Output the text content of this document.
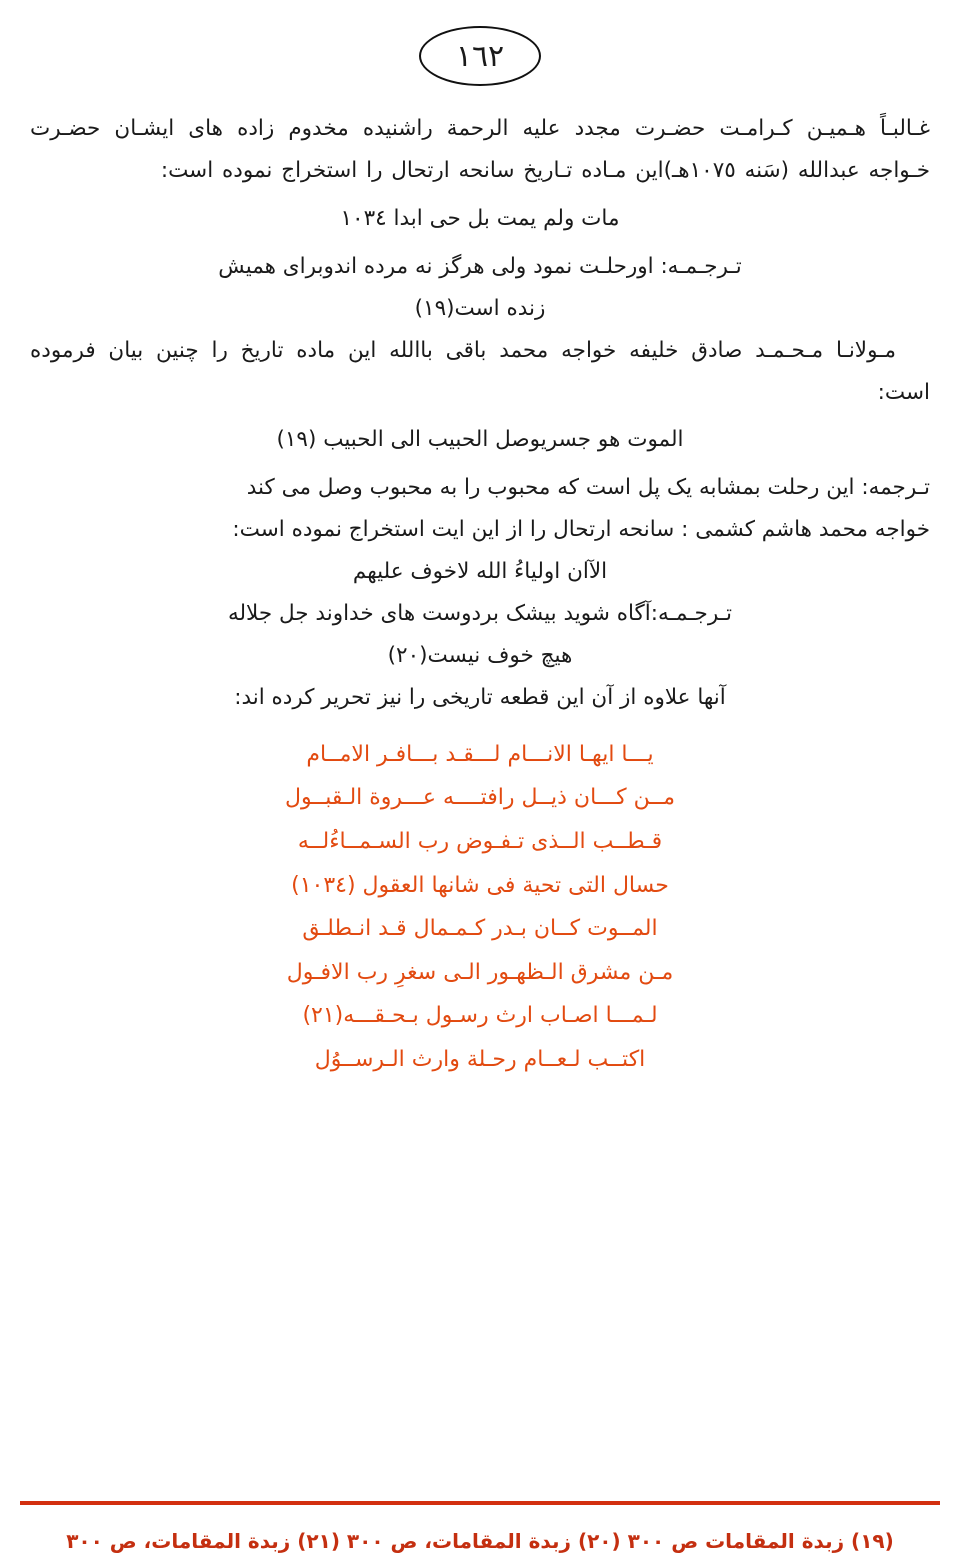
١٦٢

غـالبـاً هـمیـن کـرامـت حضـرت مجدد علیه الرحمة راشنیده مخدوم زاده های ایشـان حضـرت خـواجه عبدالله (سَنه ١٠٧٥هـ)این مـاده تـاریخ سانحه ارتحال را استخراج نموده است:

مات ولم یمت بل حی ابدا ١٠٣٤

تـرجـمـه: اورحلـت نمود ولی هرگز نه مرده اندوبرای همیش

زنده است(١٩)

مـولانـا مـحـمـد صادق خلیفه خواجه محمد باقی باالله این ماده تاریخ را چنین بیان فرموده است:

الموت هو جسریوصل الحبیب الی الحبیب (١٩)

تـرجمه: این رحلت بمشابه یک پل است که محبوب را به محبوب وصل می کند

خواجه محمد هاشم کشمی : سانحه ارتحال را از این ایت استخراج نموده است:

الآان اولیاءُ الله لاخوف علیهم

تـرجـمـه:آگاه شوید بیشک بردوست های خداوند جل جلاله

هیچ خوف نیست(٢٠)

آنها علاوه از آن این قطعه تاریخی را نیز تحریر کرده اند:

یـــا ایهـا الانـــام لـــقـد بـــافـر الامــام
مــن کـــان ذیــل رافتــــه عـــروة الـقبــول
قـطــب الــذی تـفـوض رب السـمــاءُلــه
حسال التی تحیة فی شانها العقول (١٠٣٤)
المــوت کــان بـدر کـمـمال قـد انـطلـق
مـن مشرق الـظهـور الـی سغرِ رب الافـول
لـمـــا اصـاب ارث رسـول بـحـقـــه(٢١)
اکتــب لـعــام رحـلة وارث الـرســوُل
(١٩) زبدة المقامات ص ٣٠٠ (٢٠) زبدة المقامات، ص ٣٠٠ (٢١) زبدة المقامات، ص ٣٠٠
